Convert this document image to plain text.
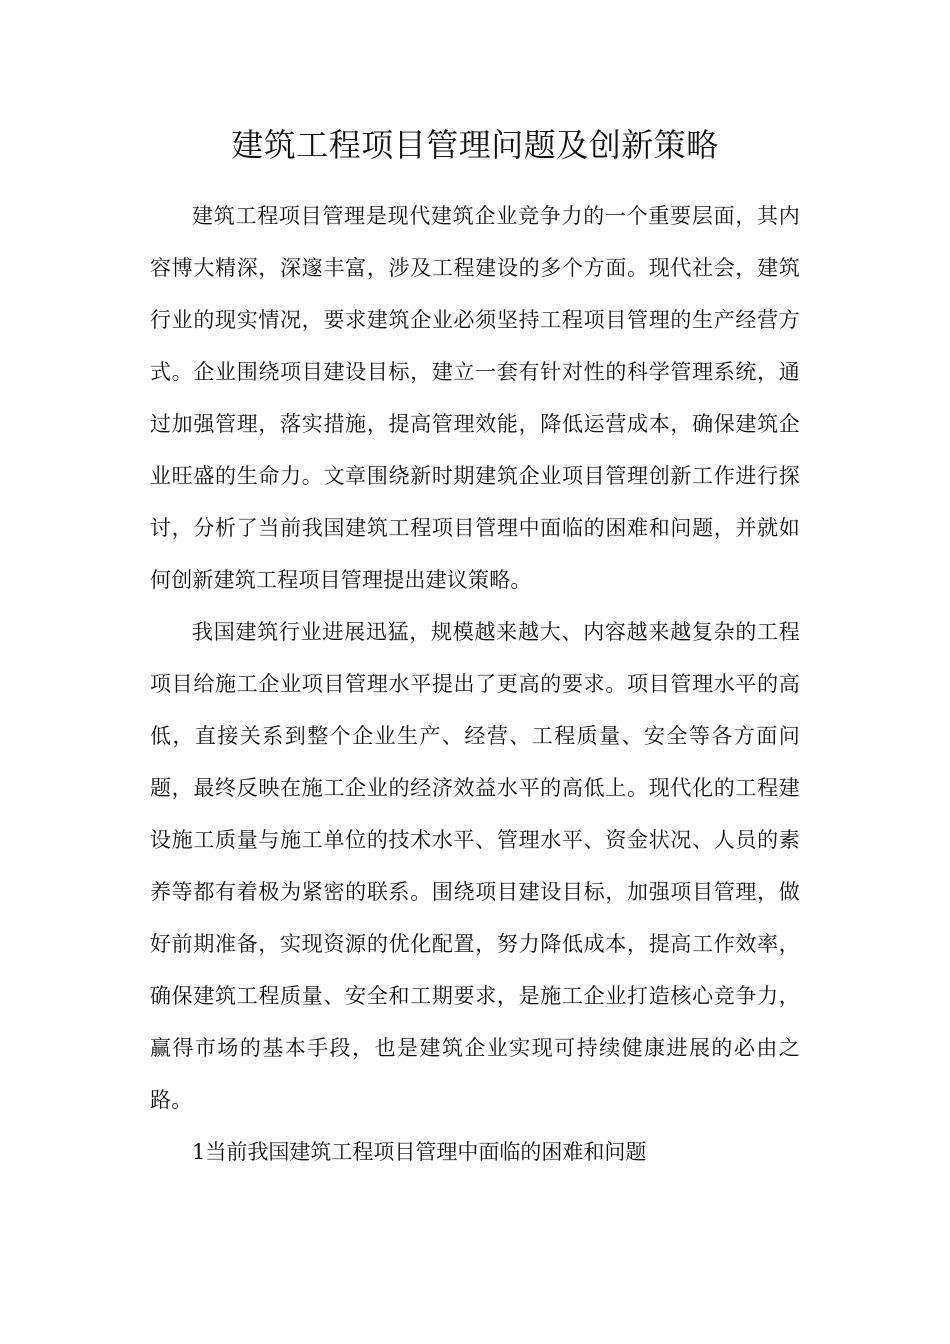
建筑工程项目管理问题及创新策略

建筑工程项目管理是现代建筑企业竞争力的一个重要层面，其内容博大精深，深邃丰富，涉及工程建设的多个方面。现代社会，建筑行业的现实情况，要求建筑企业必须坚持工程项目管理的生产经营方式。企业围绕项目建设目标，建立一套有针对性的科学管理系统，通过加强管理，落实措施，提高管理效能，降低运营成本，确保建筑企业旺盛的生命力。文章围绕新时期建筑企业项目管理创新工作进行探讨，分析了当前我国建筑工程项目管理中面临的困难和问题，并就如何创新建筑工程项目管理提出建议策略。

我国建筑行业进展迅猛，规模越来越大、内容越来越复杂的工程项目给施工企业项目管理水平提出了更高的要求。项目管理水平的高低，直接关系到整个企业生产、经营、工程质量、安全等各方面问题，最终反映在施工企业的经济效益水平的高低上。现代化的工程建设施工质量与施工单位的技术水平、管理水平、资金状况、人员的素养等都有着极为紧密的联系。围绕项目建设目标，加强项目管理，做好前期准备，实现资源的优化配置，努力降低成本，提高工作效率，确保建筑工程质量、安全和工期要求，是施工企业打造核心竞争力，赢得市场的基本手段，也是建筑企业实现可持续健康进展的必由之路。

1当前我国建筑工程项目管理中面临的困难和问题
